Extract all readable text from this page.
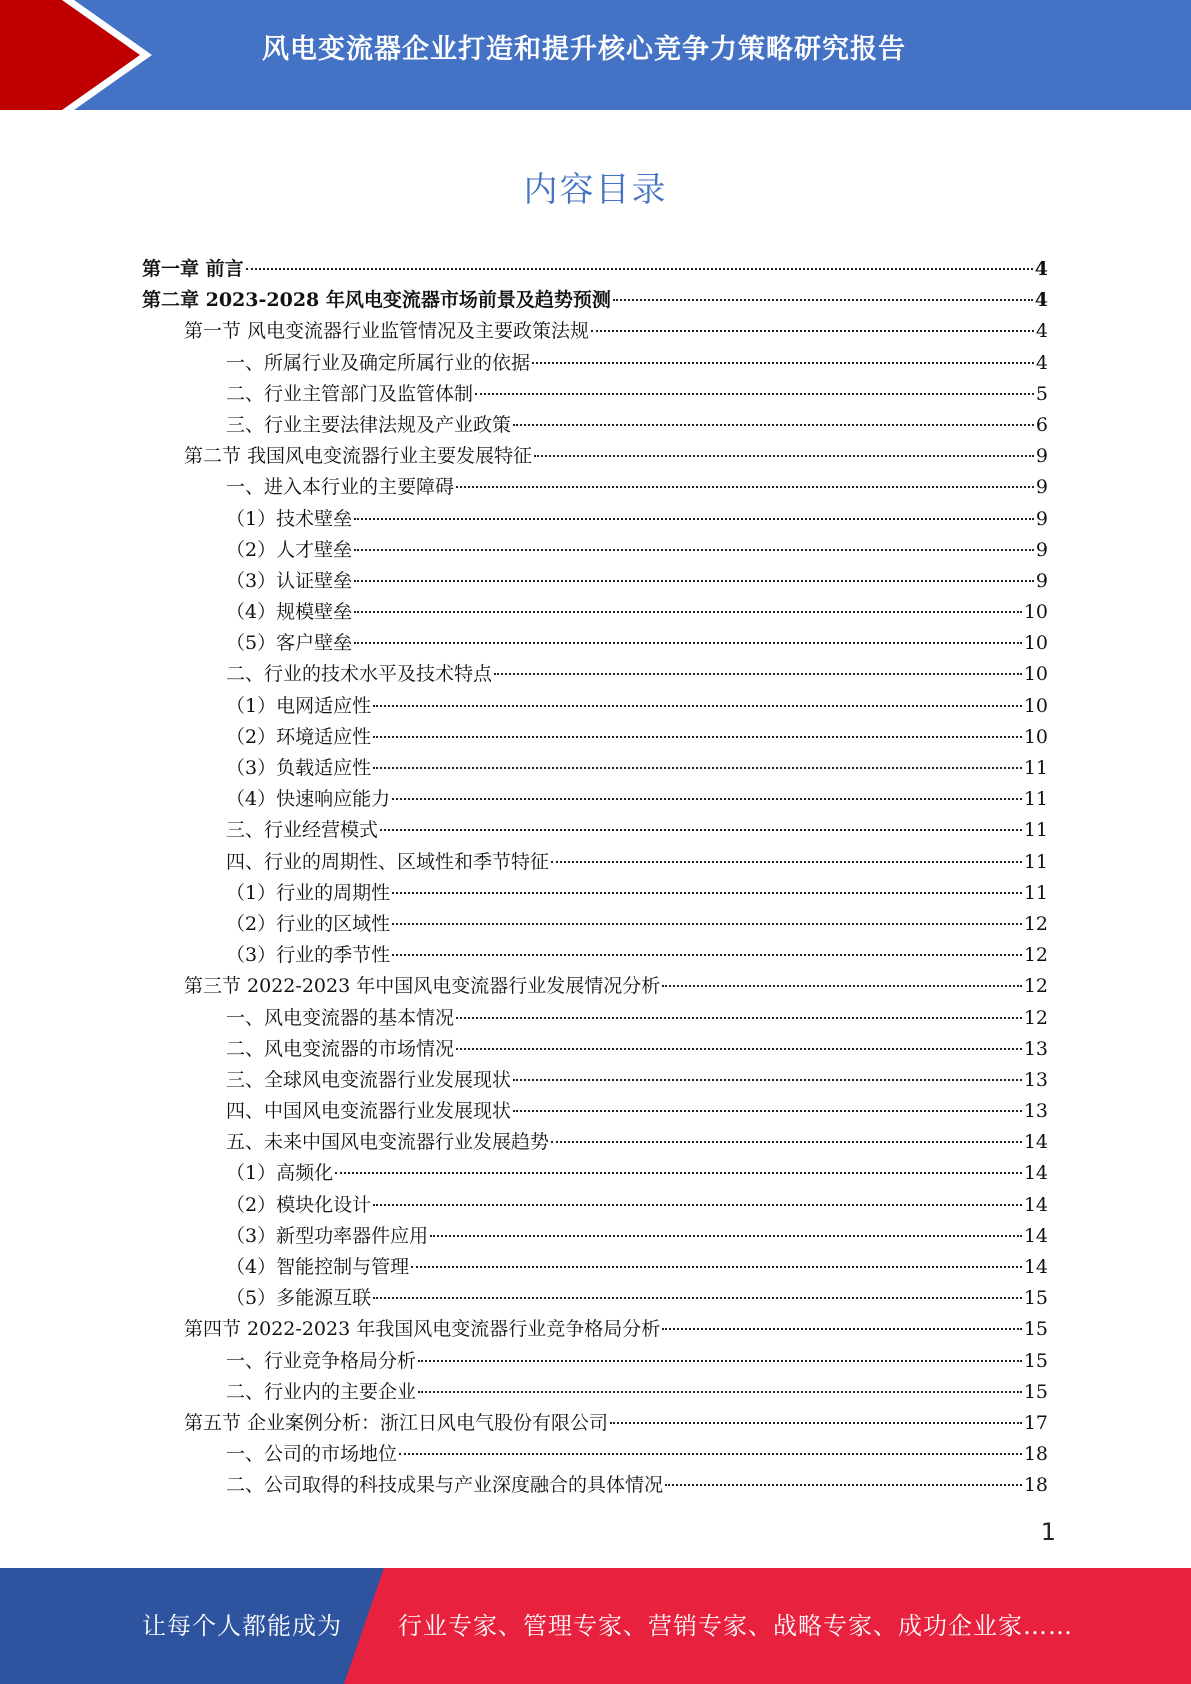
风电变流器企业打造和提升核心竞争力策略研究报告
内容目录
第一章 前言	4
第二章 2023-2028 年风电变流器市场前景及趋势预测	4
第一节 风电变流器行业监管情况及主要政策法规	4
一、所属行业及确定所属行业的依据	4
二、行业主管部门及监管体制	5
三、行业主要法律法规及产业政策	6
第二节 我国风电变流器行业主要发展特征	9
一、进入本行业的主要障碍	9
（1）技术壁垒	9
（2）人才壁垒	9
（3）认证壁垒	9
（4）规模壁垒	10
（5）客户壁垒	10
二、行业的技术水平及技术特点	10
（1）电网适应性	10
（2）环境适应性	10
（3）负载适应性	11
（4）快速响应能力	11
三、行业经营模式	11
四、行业的周期性、区域性和季节特征	11
（1）行业的周期性	11
（2）行业的区域性	12
（3）行业的季节性	12
第三节 2022-2023 年中国风电变流器行业发展情况分析	12
一、风电变流器的基本情况	12
二、风电变流器的市场情况	13
三、全球风电变流器行业发展现状	13
四、中国风电变流器行业发展现状	13
五、未来中国风电变流器行业发展趋势	14
（1）高频化	14
（2）模块化设计	14
（3）新型功率器件应用	14
（4）智能控制与管理	14
（5）多能源互联	15
第四节 2022-2023 年我国风电变流器行业竞争格局分析	15
一、行业竞争格局分析	15
二、行业内的主要企业	15
第五节 企业案例分析：浙江日风电气股份有限公司	17
一、公司的市场地位	18
二、公司取得的科技成果与产业深度融合的具体情况	18
1
让每个人都能成为 行业专家、管理专家、营销专家、战略专家、成功企业家……
